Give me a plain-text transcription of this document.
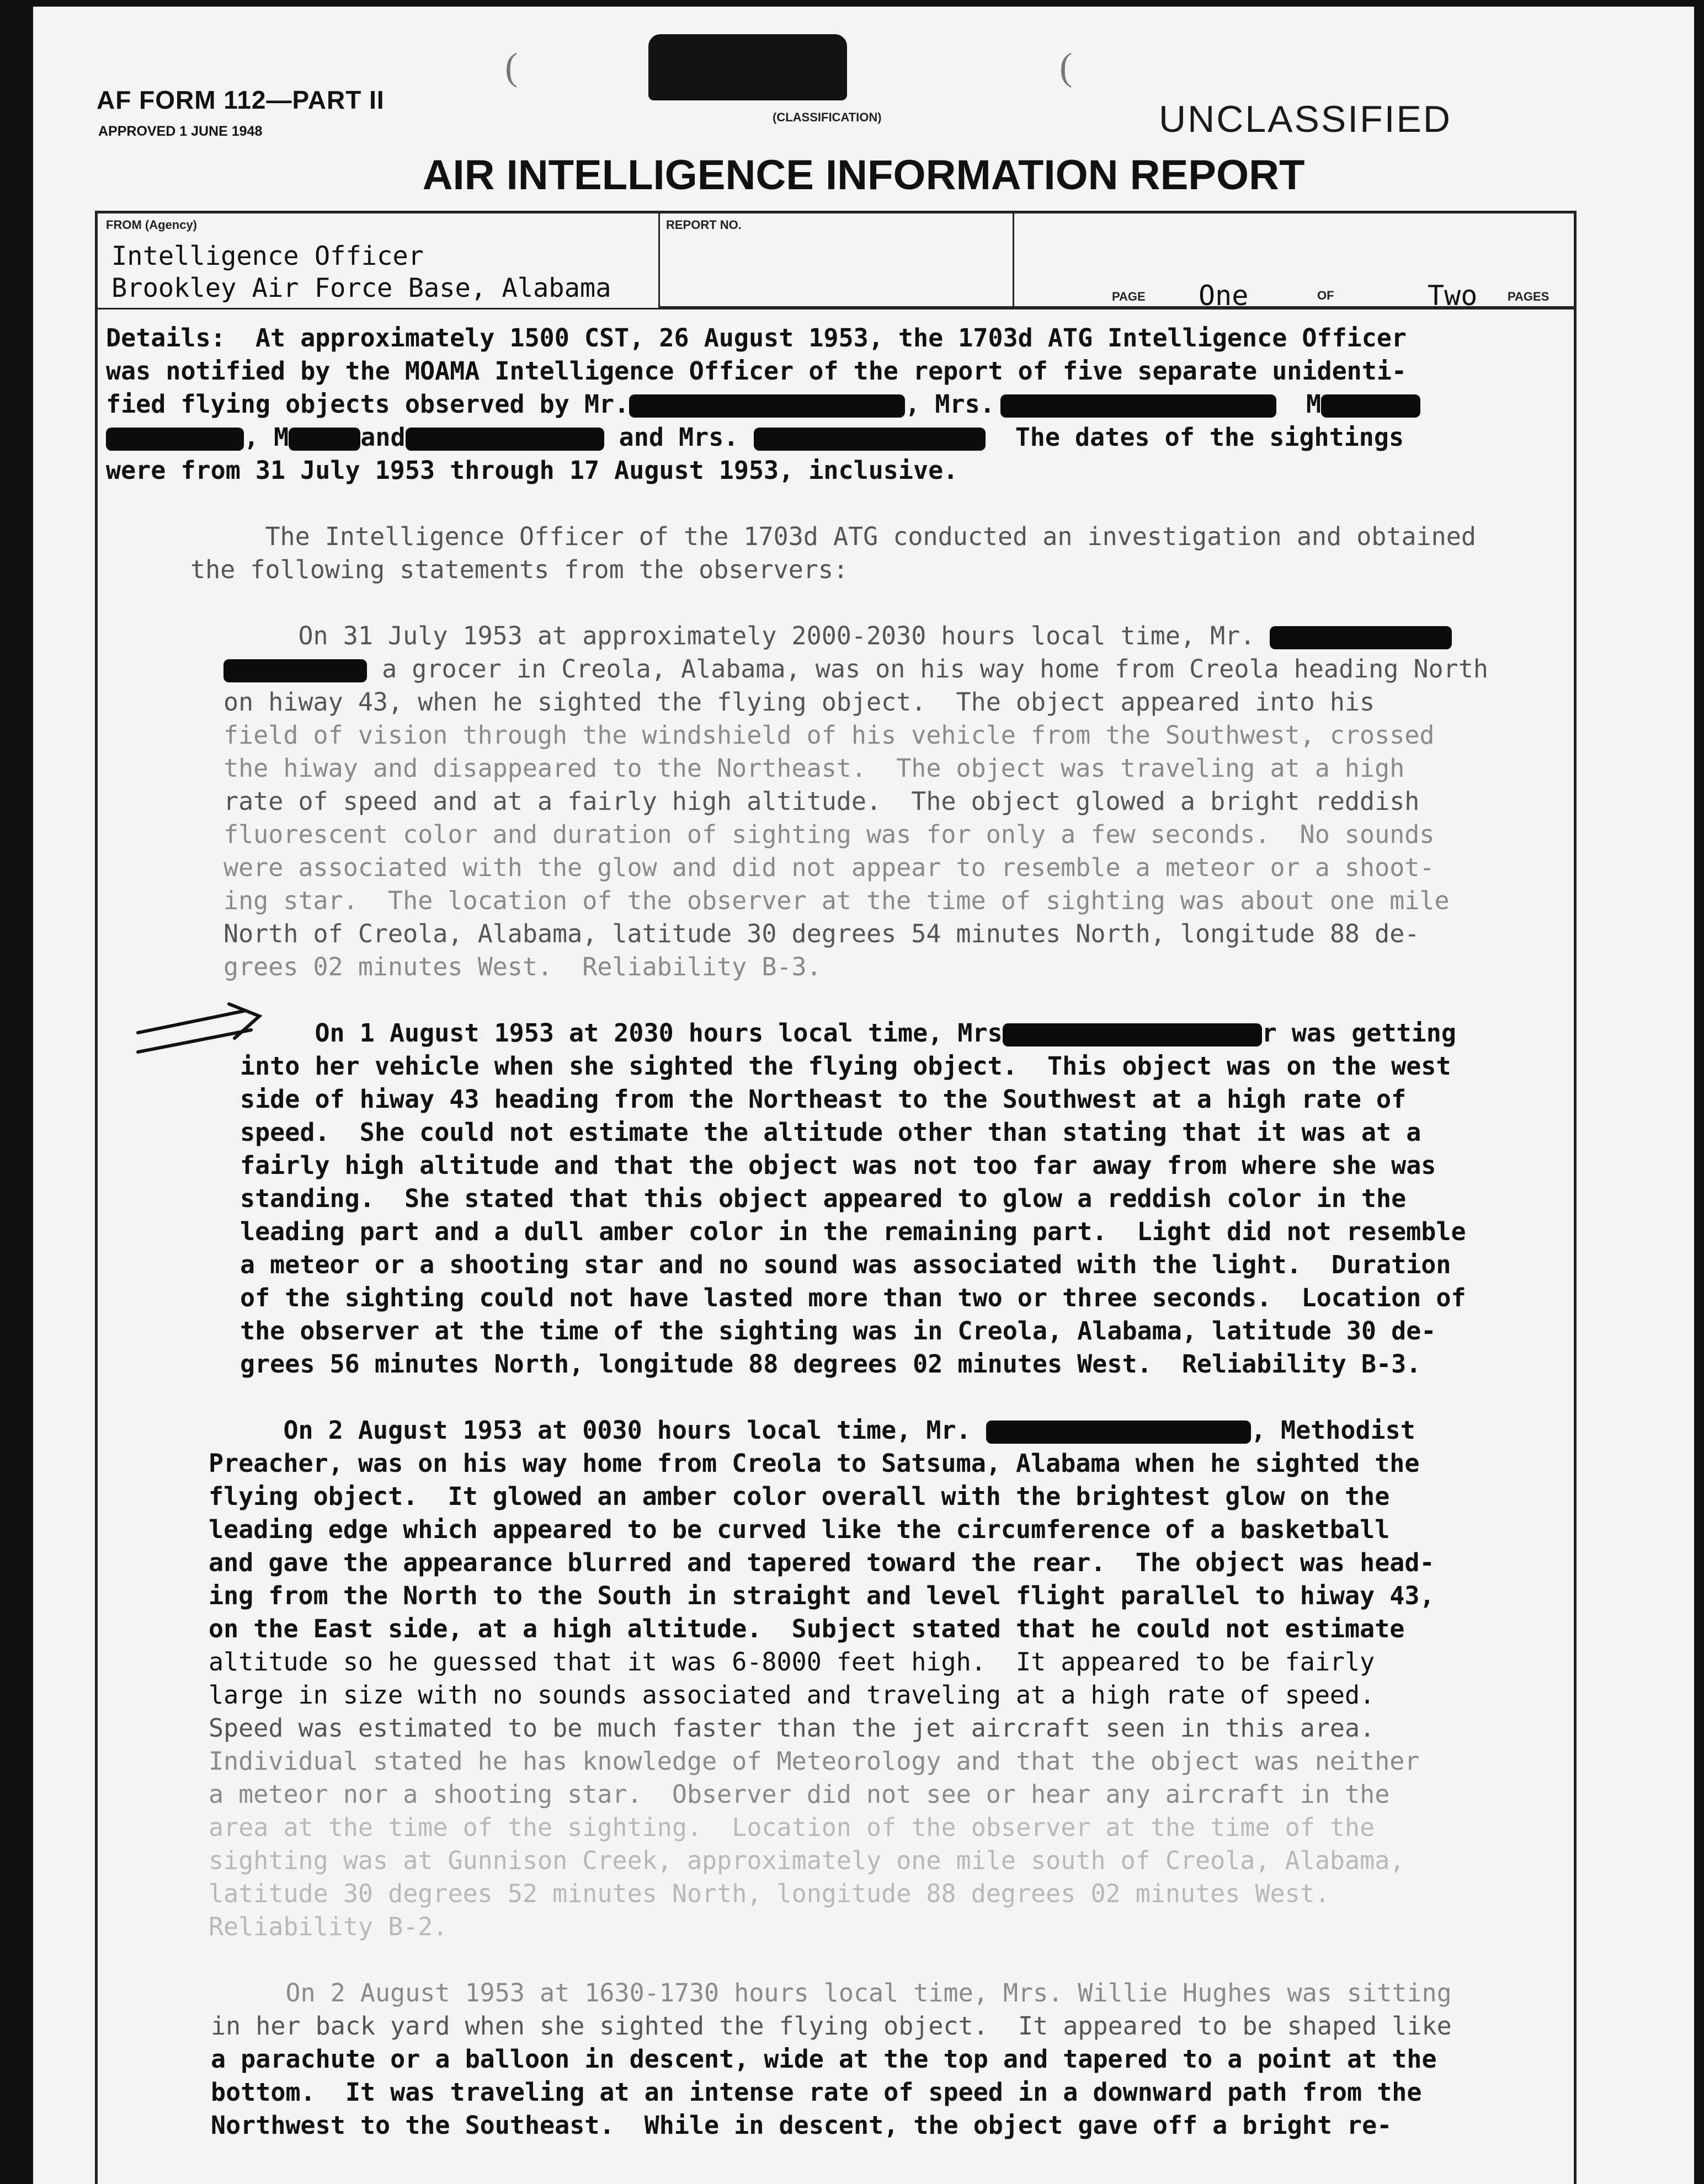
AF FORM 112—PART II
APPROVED 1 JUNE 1948
(	(
(CLASSIFICATION)	UNCLASSIFIED
AIR INTELLIGENCE INFORMATION REPORT
FROM (Agency)
Intelligence Officer
Brookley Air Force Base, Alabama
REPORT NO.
PAGE One	OF	Two PAGES
Details:  At approximately 1500 CST, 26 August 1953, the 1703d ATG Intelligence Officer
was notified by the MOAMA Intelligence Officer of the report of five separate unidenti-
fied flying objects observed by Mr.	, Mrs.	M
, M	and	and Mrs.	The dates of the sightings
were from 31 July 1953 through 17 August 1953, inclusive.
The Intelligence Officer of the 1703d ATG conducted an investigation and obtained
the following statements from the observers:
On 31 July 1953 at approximately 2000-2030 hours local time, Mr.
a grocer in Creola, Alabama, was on his way home from Creola heading North
on hiway 43, when he sighted the flying object.  The object appeared into his
field of vision through the windshield of his vehicle from the Southwest, crossed
the hiway and disappeared to the Northeast.  The object was traveling at a high
rate of speed and at a fairly high altitude.  The object glowed a bright reddish
fluorescent color and duration of sighting was for only a few seconds.  No sounds
were associated with the glow and did not appear to resemble a meteor or a shoot-
ing star.  The location of the observer at the time of sighting was about one mile
North of Creola, Alabama, latitude 30 degrees 54 minutes North, longitude 88 de-
grees 02 minutes West.  Reliability B-3.
On 1 August 1953 at 2030 hours local time, Mrs	r was getting
into her vehicle when she sighted the flying object.  This object was on the west
side of hiway 43 heading from the Northeast to the Southwest at a high rate of
speed.  She could not estimate the altitude other than stating that it was at a
fairly high altitude and that the object was not too far away from where she was
standing.  She stated that this object appeared to glow a reddish color in the
leading part and a dull amber color in the remaining part.  Light did not resemble
a meteor or a shooting star and no sound was associated with the light.  Duration
of the sighting could not have lasted more than two or three seconds.  Location of
the observer at the time of the sighting was in Creola, Alabama, latitude 30 de-
grees 56 minutes North, longitude 88 degrees 02 minutes West.  Reliability B-3.
On 2 August 1953 at 0030 hours local time, Mr.	, Methodist
Preacher, was on his way home from Creola to Satsuma, Alabama when he sighted the
flying object.  It glowed an amber color overall with the brightest glow on the
leading edge which appeared to be curved like the circumference of a basketball
and gave the appearance blurred and tapered toward the rear.  The object was head-
ing from the North to the South in straight and level flight parallel to hiway 43,
on the East side, at a high altitude.  Subject stated that he could not estimate
altitude so he guessed that it was 6-8000 feet high.  It appeared to be fairly
large in size with no sounds associated and traveling at a high rate of speed.
Speed was estimated to be much faster than the jet aircraft seen in this area.
Individual stated he has knowledge of Meteorology and that the object was neither
a meteor nor a shooting star.  Observer did not see or hear any aircraft in the
area at the time of the sighting.  Location of the observer at the time of the
sighting was at Gunnison Creek, approximately one mile south of Creola, Alabama,
latitude 30 degrees 52 minutes North, longitude 88 degrees 02 minutes West.
Reliability B-2.
On 2 August 1953 at 1630-1730 hours local time, Mrs. Willie Hughes was sitting
in her back yard when she sighted the flying object.  It appeared to be shaped like
a parachute or a balloon in descent, wide at the top and tapered to a point at the
bottom.  It was traveling at an intense rate of speed in a downward path from the
Northwest to the Southeast.  While in descent, the object gave off a bright re-
